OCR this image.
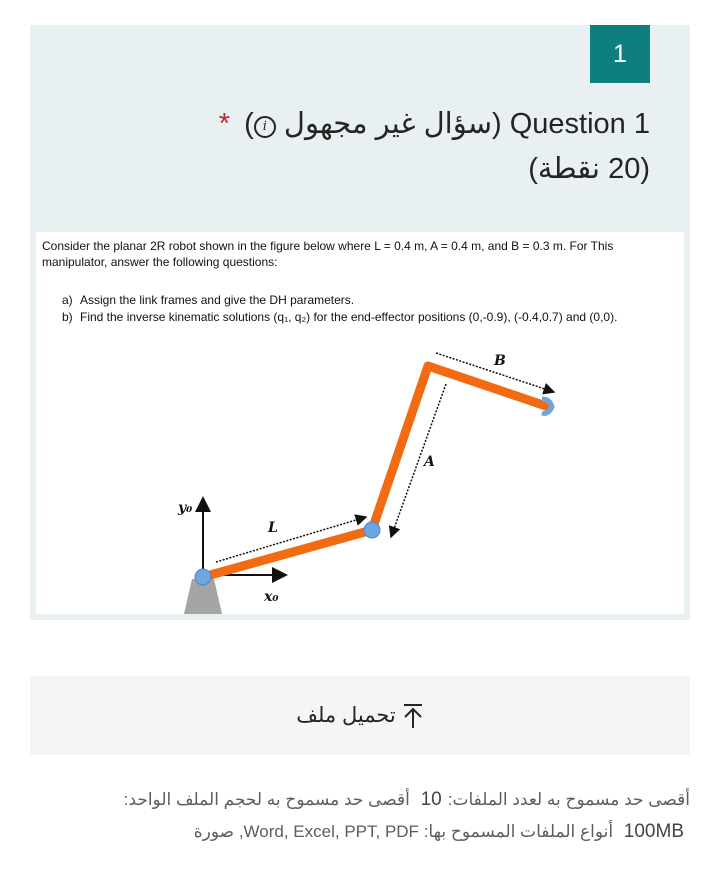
1
Question 1 (سؤال غير مجهول i) *
(20 نقطة)
Consider the planar 2R robot shown in the figure below where L = 0.4 m, A = 0.4 m, and B = 0.3 m. For This manipulator, answer the following questions:
a) Assign the link frames and give the DH parameters.
b) Find the inverse kinematic solutions (q₁, q₂) for the end-effector positions (0,-0.9), (-0.4,0.7) and (0,0).
L
A
B
y₀
x₀
تحميل ملف
أقصى حد مسموح به لعدد الملفات:10 أقصى حد مسموح به لحجم الملف الواحد:
100MB أنواع الملفات المسموح بها: Word, Excel, PPT, PDF, صورة
